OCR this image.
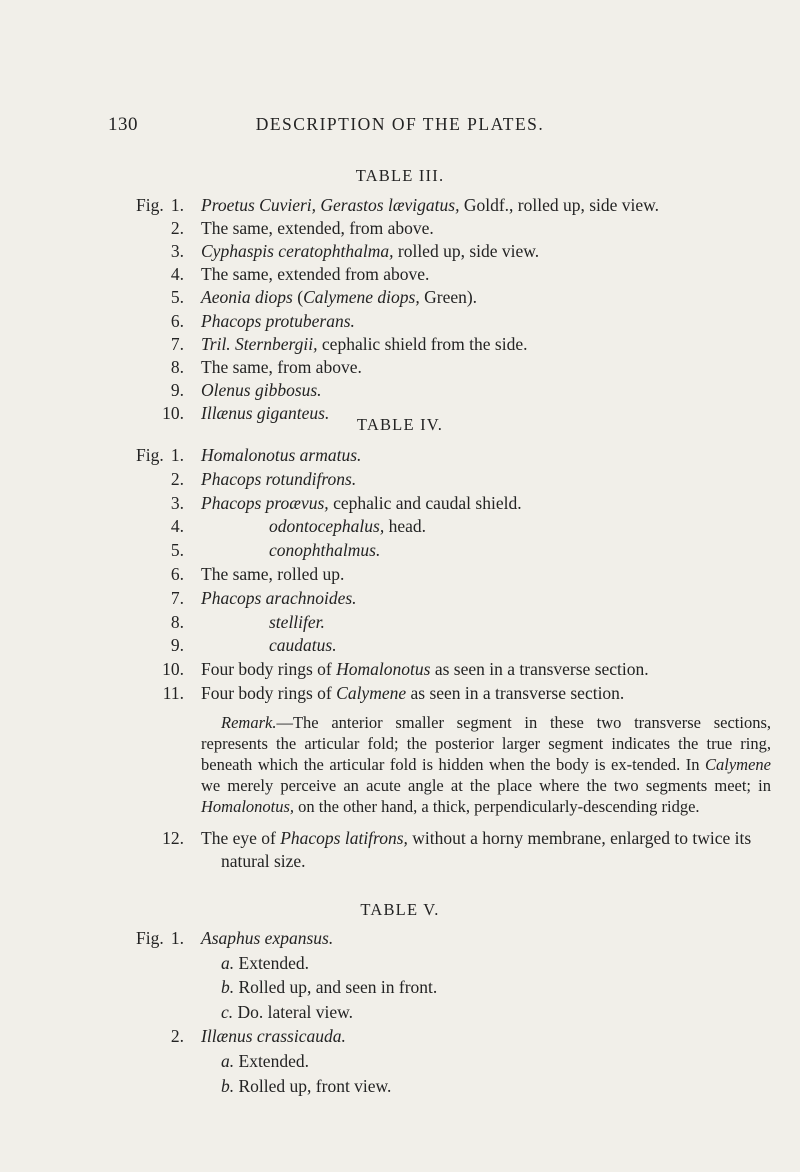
130	DESCRIPTION OF THE PLATES.
TABLE III.
Fig. 1. Proetus Cuvieri, Gerastos lævigatus, Goldf., rolled up, side view.
2. The same, extended, from above.
3. Cyphaspis ceratophthalma, rolled up, side view.
4. The same, extended from above.
5. Aeonia diops (Calymene diops, Green).
6. Phacops protuberans.
7. Tril. Sternbergii, cephalic shield from the side.
8. The same, from above.
9. Olenus gibbosus.
10. Illænus giganteus.
TABLE IV.
Fig. 1. Homalonotus armatus.
2. Phacops rotundifrons.
3. Phacops proævus, cephalic and caudal shield.
4.	odontocephalus, head.
5.	conophthalmus.
6. The same, rolled up.
7. Phacops arachnoides.
8.	stellifer.
9.	caudatus.
10. Four body rings of Homalonotus as seen in a transverse section.
11. Four body rings of Calymene as seen in a transverse section.

Remark.—The anterior smaller segment in these two transverse sections, represents the articular fold; the posterior larger segment indicates the true ring, beneath which the articular fold is hidden when the body is ex-tended. In Calymene we merely perceive an acute angle at the place where the two segments meet; in Homalonotus, on the other hand, a thick, perpendicularly-descending ridge.

12. The eye of Phacops latifrons, without a horny membrane, enlarged to twice its
natural size.
TABLE V.
Fig. 1. Asaphus expansus.
a. Extended.
b. Rolled up, and seen in front.
c. Do. lateral view.
2. Illænus crassicauda.
a. Extended.
b. Rolled up, front view.
